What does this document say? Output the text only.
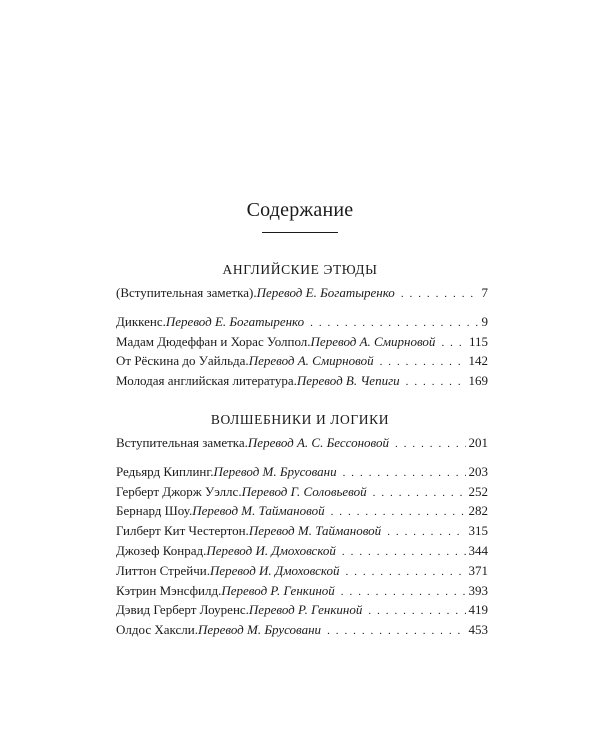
Содержание
АНГЛИЙСКИЕ ЭТЮДЫ
(Вступительная заметка). Перевод Е. Богатыренко . . .	7
Диккенс. Перевод Е. Богатыренко . . .	9
Мадам Дюдеффан и Хорас Уолпол. Перевод А. Смирновой . . .	115
От Рёскина до Уайльда. Перевод А. Смирновой . . .	142
Молодая английская литература. Перевод В. Чепиги . . .	169
ВОЛШЕБНИКИ И ЛОГИКИ
Вступительная заметка. Перевод А. С. Бессоновой . . .	201
Редьярд Киплинг. Перевод М. Брусовани . . .	203
Герберт Джорж Уэллс. Перевод Г. Соловьевой . . .	252
Бернард Шоу. Перевод М. Таймановой . . .	282
Гилберт Кит Честертон. Перевод М. Таймановой . . .	315
Джозеф Конрад. Перевод И. Дмоховской . . .	344
Литтон Стрейчи. Перевод И. Дмоховской . . .	371
Кэтрин Мэнсфилд. Перевод Р. Генкиной . . .	393
Дэвид Герберт Лоуренс. Перевод Р. Генкиной . . .	419
Олдос Хаксли. Перевод М. Брусовани . . .	453
